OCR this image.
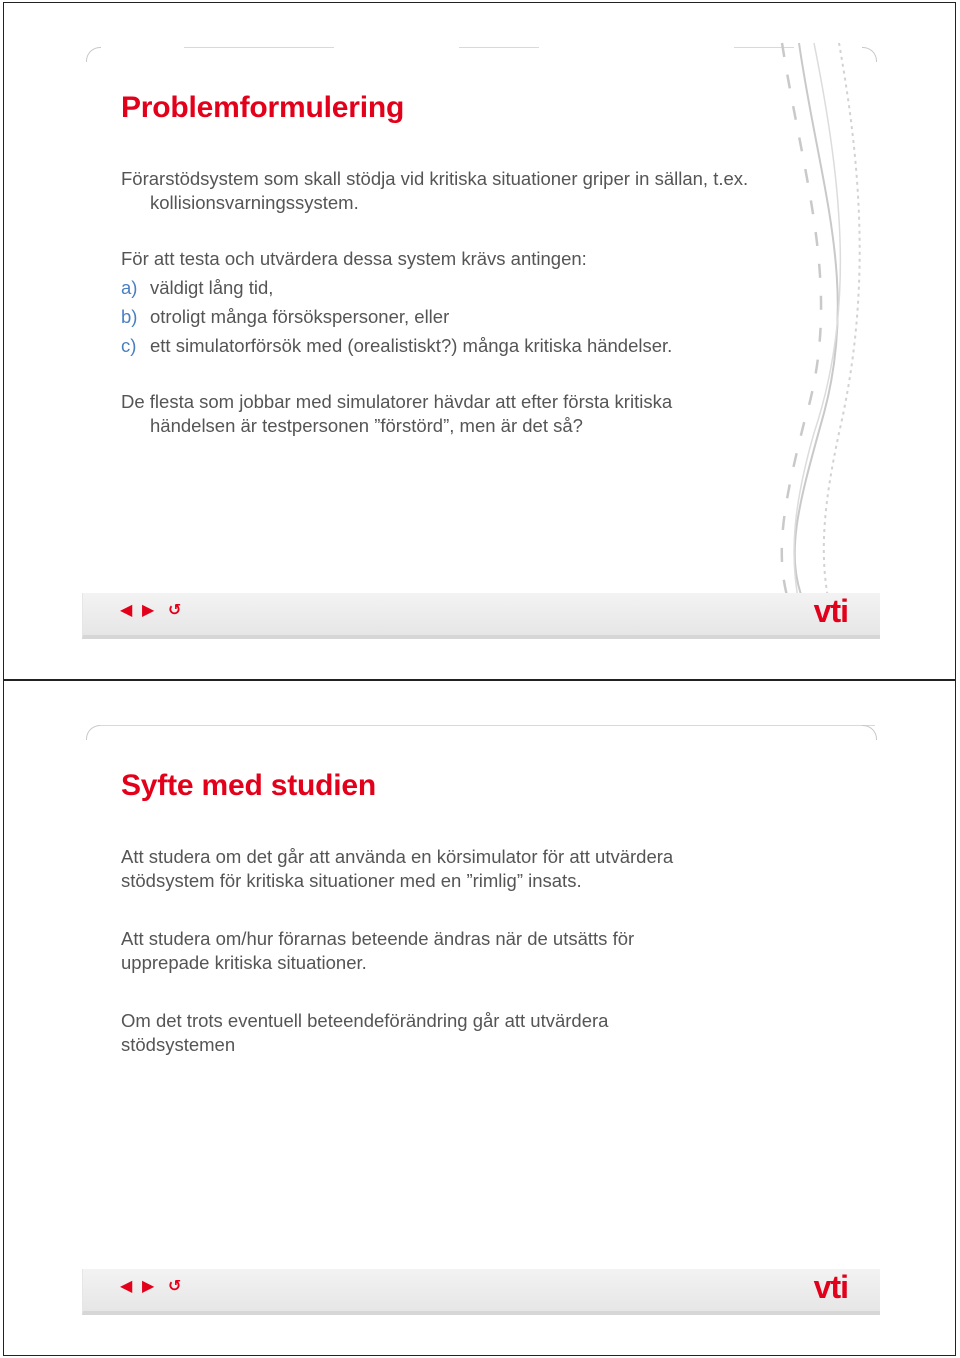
Problemformulering

Förarstödsystem som skall stödja vid kritiska situationer griper in sällan, t.ex. kollisionsvarningssystem.

För att testa och utvärdera dessa system krävs antingen:

a) väldigt lång tid,
b) otroligt många försökspersoner, eller
c) ett simulatorförsök med (orealistiskt?) många kritiska händelser.

De flesta som jobbar med simulatorer hävdar att efter första kritiska händelsen är testpersonen ”förstörd”, men är det så?

◀ ▶ ↺	vti
Syfte med studien

Att studera om det går att använda en körsimulator för att utvärdera stödsystem för kritiska situationer med en ”rimlig” insats.

Att studera om/hur förarnas beteende ändras när de utsätts för upprepade kritiska situationer.

Om det trots eventuell beteendeförändring går att utvärdera stödsystemen

◀ ▶ ↺	vti
